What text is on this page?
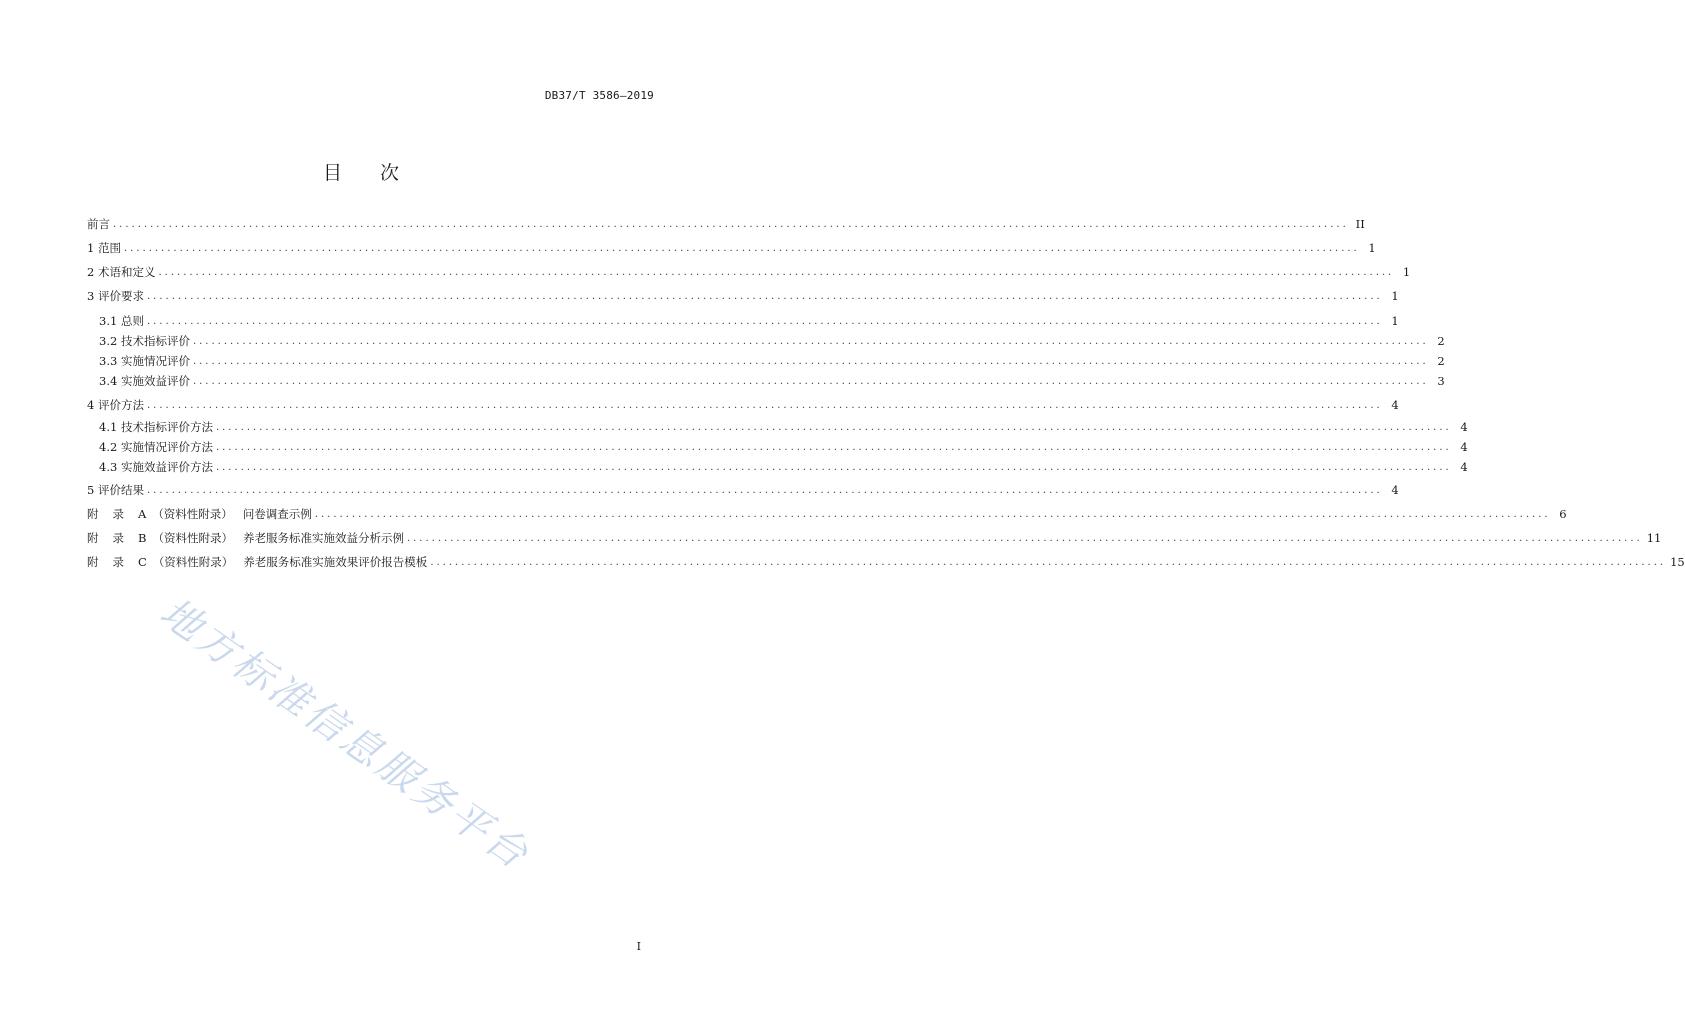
DB37/T 3586—2019
目 次
前言 ........................................................................................................................................................................................................ II
1 范围 ........................................................................................................................................................................................................ 1
2 术语和定义 ........................................................................................................................................................................................................ 1
3 评价要求 ........................................................................................................................................................................................................ 1
3.1 总则 ........................................................................................................................................................................................................ 1
3.2 技术指标评价 ........................................................................................................................................................................................................ 2
3.3 实施情况评价 ........................................................................................................................................................................................................ 2
3.4 实施效益评价 ........................................................................................................................................................................................................ 3
4 评价方法 ........................................................................................................................................................................................................ 4
4.1 技术指标评价方法 ........................................................................................................................................................................................................ 4
4.2 实施情况评价方法 ........................................................................................................................................................................................................ 4
4.3 实施效益评价方法 ........................................................................................................................................................................................................ 4
5 评价结果 ........................................................................................................................................................................................................ 4
附录A （资料性附录） 问卷调查示例 ........................................................................................................................................................................................................ 6
附录B （资料性附录） 养老服务标准实施效益分析示例 ........................................................................................................................................................................................................ 11
附录C （资料性附录） 养老服务标准实施效果评价报告模板 ........................................................................................................................................................................................................ 15
地方标准信息服务平台
I
